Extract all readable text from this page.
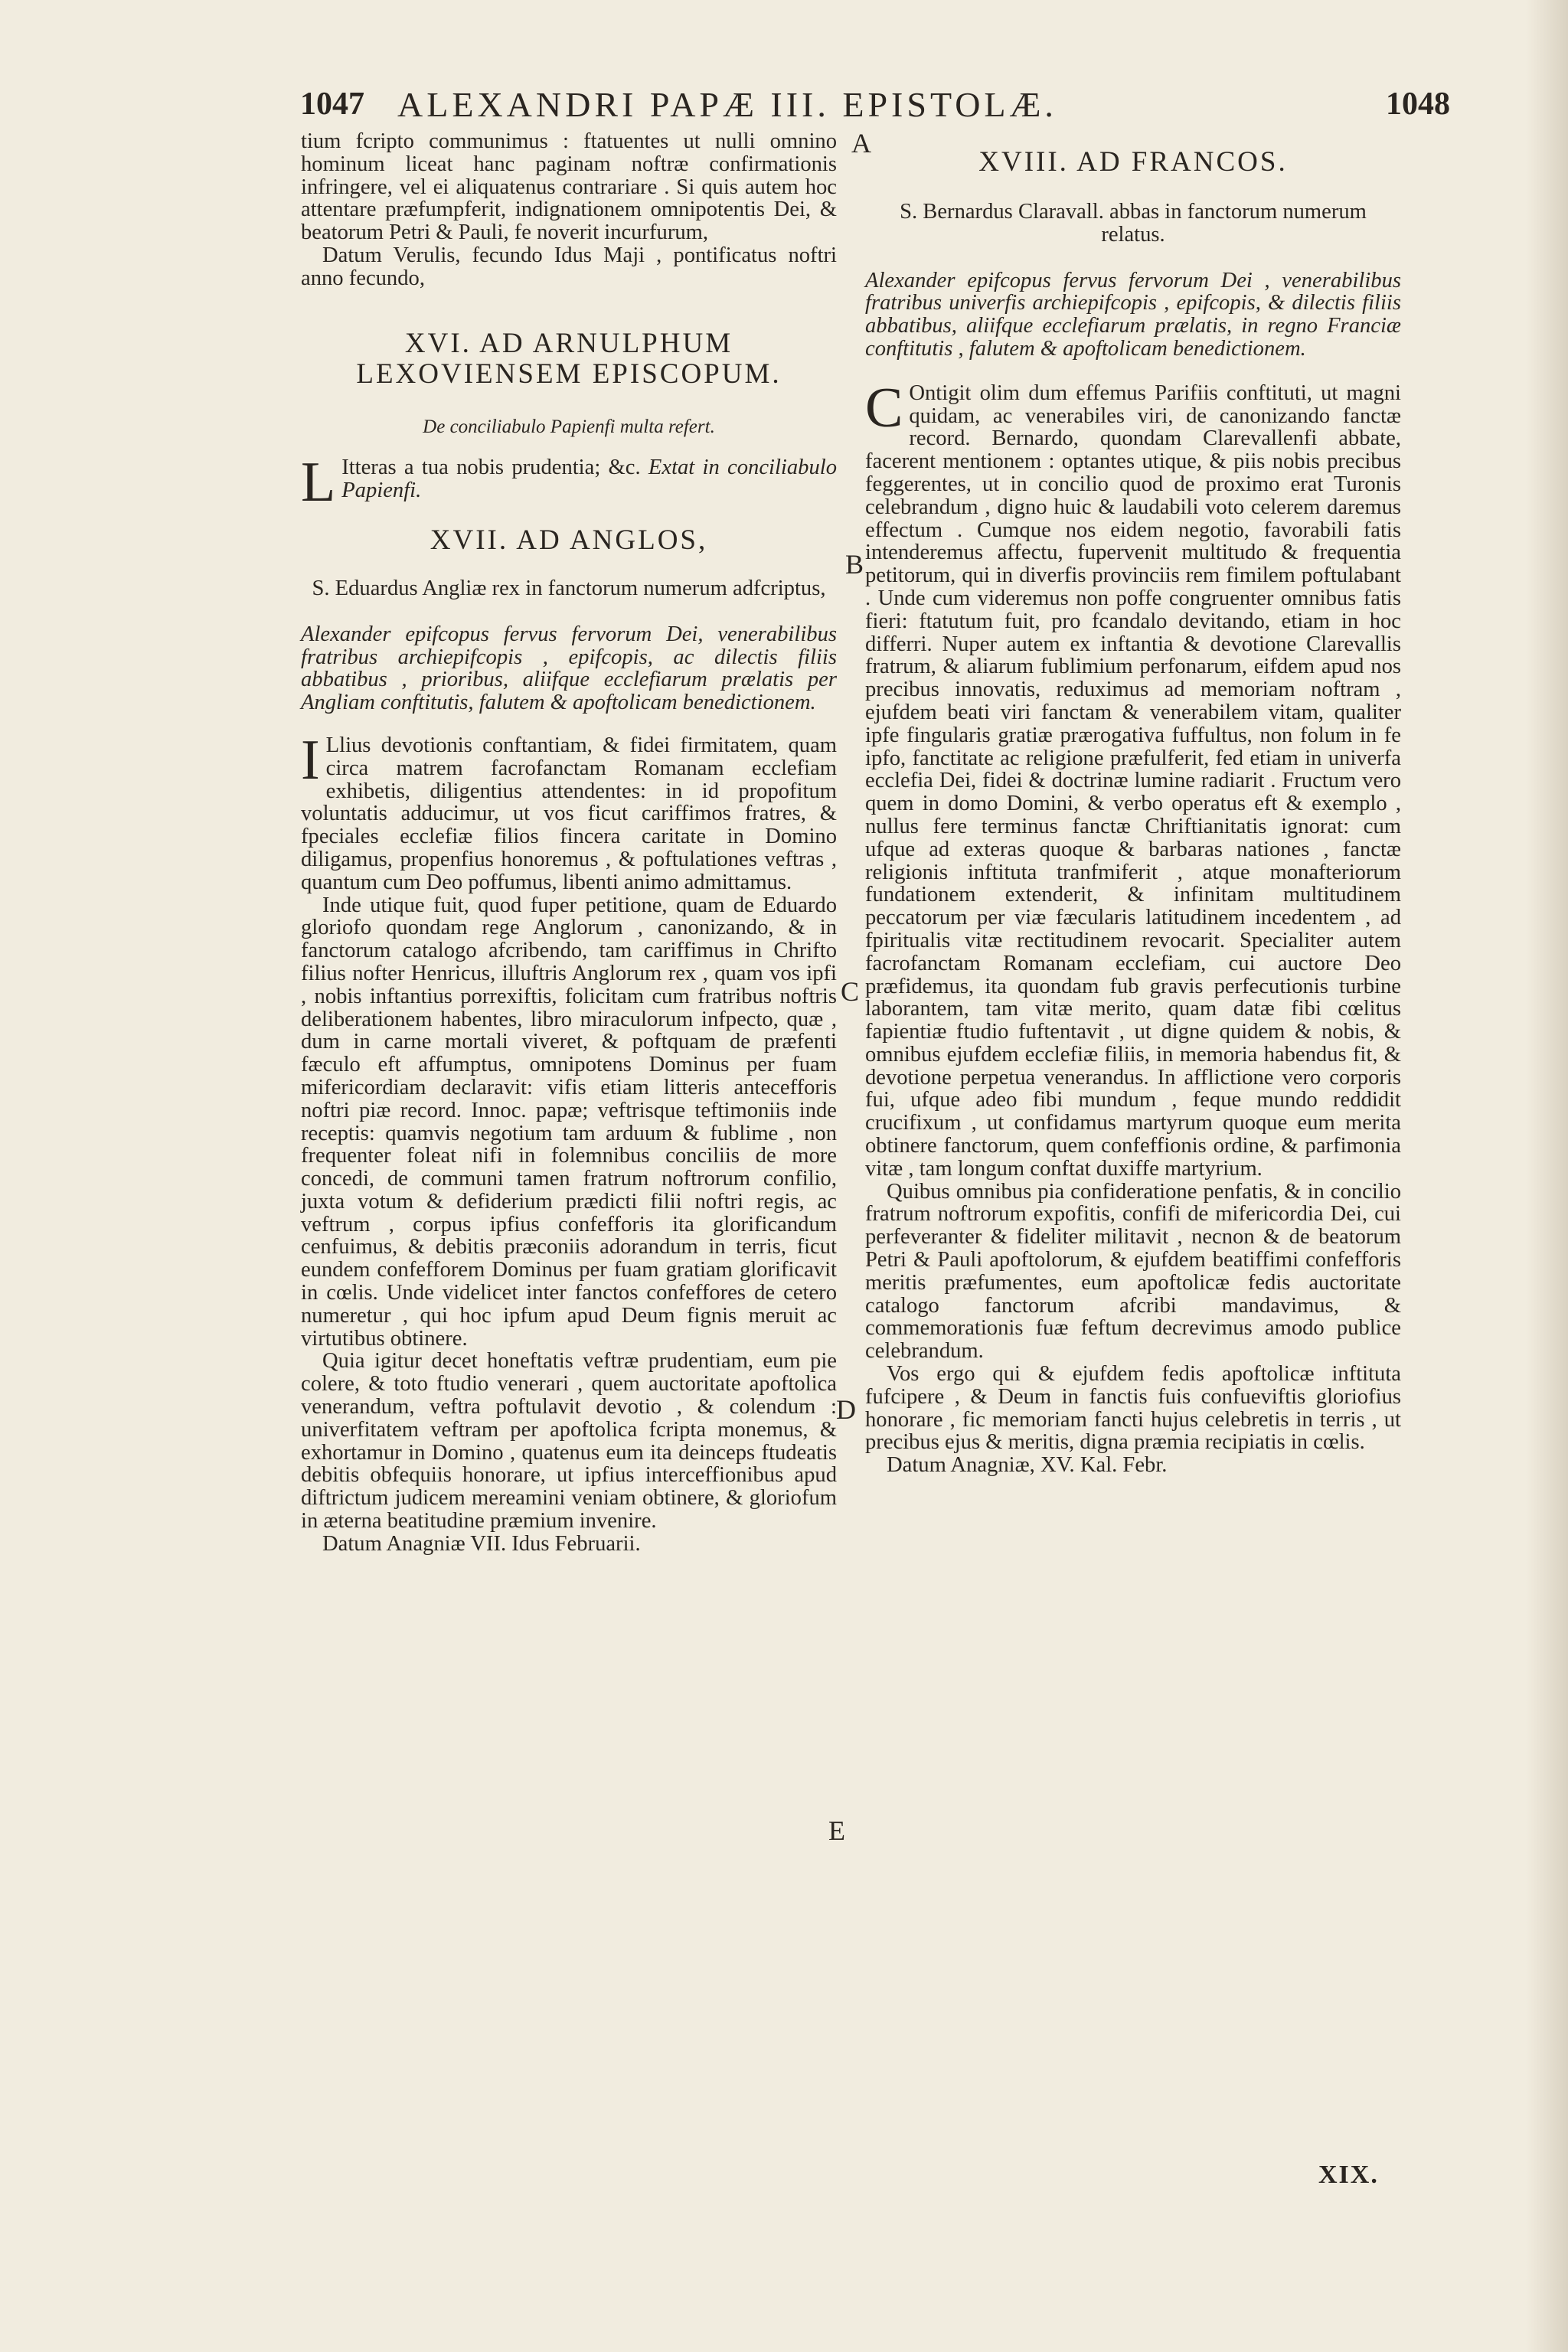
1047 ALEXANDRI PAPÆ III. EPISTOLÆ.	1048

tium fcripto communimus : ftatuentes ut nulli omnino hominum liceat hanc paginam noftræ confirmationis infringere, vel ei aliquatenus contrariare . Si quis autem hoc attentare præfumpferit, indignationem omnipotentis Dei, & beatorum Petri & Pauli, fe noverit incurfurum,

Datum Verulis, fecundo Idus Maji , pontificatus noftri anno fecundo,

XVI. AD ARNULPHUM LEXOVIENSEM EPISCOPUM.

De conciliabulo Papienfi multa refert.

L Itteras a tua nobis prudentia; &c. Extat in conciliabulo Papienfi.

XVII. AD ANGLOS,

S. Eduardus Angliæ rex in fanctorum numerum adfcriptus,

Alexander epifcopus fervus fervorum Dei, venerabilibus fratribus archiepifcopis , epifcopis, ac dilectis filiis abbatibus , prioribus, aliifque ecclefiarum prælatis per Angliam conftitutis, falutem & apoftolicam benedictionem.

I Llius devotionis conftantiam, & fidei firmitatem, quam circa matrem facrofanctam Romanam ecclefiam exhibetis, diligentius attendentes: in id propofitum voluntatis adducimur, ut vos ficut cariffimos fratres, & fpeciales ecclefiæ filios fincera caritate in Domino diligamus, propenfius honoremus , & poftulationes veftras , quantum cum Deo poffumus, libenti animo admittamus.

Inde utique fuit, quod fuper petitione, quam de Eduardo gloriofo quondam rege Anglorum , canonizando, & in fanctorum catalogo afcribendo, tam cariffimus in Chrifto filius nofter Henricus, illuftris Anglorum rex , quam vos ipfi , nobis inftantius porrexiftis, folicitam cum fratribus noftris deliberationem habentes, libro miraculorum infpecto, quæ , dum in carne mortali viveret, & poftquam de præfenti fæculo eft affumptus, omnipotens Dominus per fuam mifericordiam declaravit: vifis etiam litteris antecefforis noftri piæ record. Innoc. papæ; veftrisque teftimoniis inde receptis: quamvis negotium tam arduum & fublime , non frequenter foleat nifi in folemnibus conciliis de more concedi, de communi tamen fratrum noftrorum confilio, juxta votum & defiderium prædicti filii noftri regis, ac veftrum , corpus ipfius confefforis ita glorificandum cenfuimus, & debitis præconiis adorandum in terris, ficut eundem confefforem Dominus per fuam gratiam glorificavit in cœlis. Unde videlicet inter fanctos confeffores de cetero numeretur , qui hoc ipfum apud Deum fignis meruit ac virtutibus obtinere.

Quia igitur decet honeftatis veftræ prudentiam, eum pie colere, & toto ftudio venerari , quem auctoritate apoftolica venerandum, veftra poftulavit devotio , & colendum : univerfitatem veftram per apoftolica fcripta monemus, & exhortamur in Domino , quatenus eum ita deinceps ftudeatis debitis obfequiis honorare, ut ipfius intercеffionibus apud diftrictum judicem mereamini veniam obtinere, & gloriofum in æterna beatitudine præmium invenire.

Datum Anagniæ VII. Idus Februarii.

XVIII. AD FRANCOS.

S. Bernardus Claravall. abbas in fanctorum numerum relatus.

Alexander epifcopus fervus fervorum Dei , venerabilibus fratribus univerfis archiepifcopis , epifcopis, & dilectis filiis abbatibus, aliifque ecclefiarum prælatis, in regno Franciæ conftitutis , falutem & apoftolicam benedictionem.

C Ontigit olim dum effemus Parifiis conftituti, ut magni quidam, ac venerabiles viri, de canonizando fanctæ record. Bernardo, quondam Clarevallenfi abbate, facerent mentionem : optantes utique, & piis nobis precibus feggerentes, ut in concilio quod de proximo erat Turonis celebrandum , digno huic & laudabili voto celerem daremus effectum . Cumque nos eidem negotio, favorabili fatis intenderemus affectu, fupervenit multitudo & frequentia petitorum, qui in diverfis provinciis rem fimilem poftulabant . Unde cum videremus non poffe congruenter omnibus fatis fieri: ftatutum fuit, pro fcandalo devitando, etiam in hoc differri. Nuper autem ex inftantia & devotione Clarevallis fratrum, & aliarum fublimium perfonarum, eifdem apud nos precibus innovatis, reduximus ad memoriam noftram , ejufdem beati viri fanctam & venerabilem vitam, qualiter ipfe fingularis gratiæ prærogativa fuffultus, non folum in fe ipfo, fanctitate ac religione præfulferit, fed etiam in univerfa ecclefia Dei, fidei & doctrinæ lumine radiarit . Fructum vero quem in domo Domini, & verbo operatus eft & exemplo , nullus fere terminus fanctæ Chriftianitatis ignorat: cum ufque ad exteras quoque & barbaras nationes , fanctæ religionis inftituta tranfmiferit , atque monafteriorum fundationem extenderit, & infinitam multitudinem peccatorum per viæ fæcularis latitudinem incedentem , ad fpiritualis vitæ rectitudinem revocarit. Specialiter autem facrofanctam Romanam ecclefiam, cui auctore Deo præfidemus, ita quondam fub gravis perfecutionis turbine laborantem, tam vitæ merito, quam datæ fibi cœlitus fapientiæ ftudio fuftentavit , ut digne quidem & nobis, & omnibus ejufdem ecclefiæ filiis, in memoria habendus fit, & devotione perpetua venerandus. In afflictione vero corporis fui, ufque adeo fibi mundum , feque mundo reddidit crucifixum , ut confidamus martyrum quoque eum merita obtinere fanctorum, quem confeffionis ordine, & parfimonia vitæ , tam longum conftat duxiffe martyrium.

Quibus omnibus pia confideratione penfatis, & in concilio fratrum noftrorum expofitis, confifi de mifericordia Dei, cui perfeveranter & fideliter militavit , necnon & de beatorum Petri & Pauli apoftolorum, & ejufdem beatiffimi confefforis meritis præfumentes, eum apoftolicæ fedis auctoritate catalogo fanctorum afcribi mandavimus, & commemorationis fuæ feftum decrevimus amodo publice celebrandum.

Vos ergo qui & ejufdem fedis apoftolicæ inftituta fufcipere , & Deum in fanctis fuis confueviftis gloriofius honorare , fic memoriam fancti hujus celebretis in terris , ut precibus ejus & meritis, digna præmia recipiatis in cœlis.

Datum Anagniæ, XV. Kal. Febr.

A
B
C
D
E
XIX.
